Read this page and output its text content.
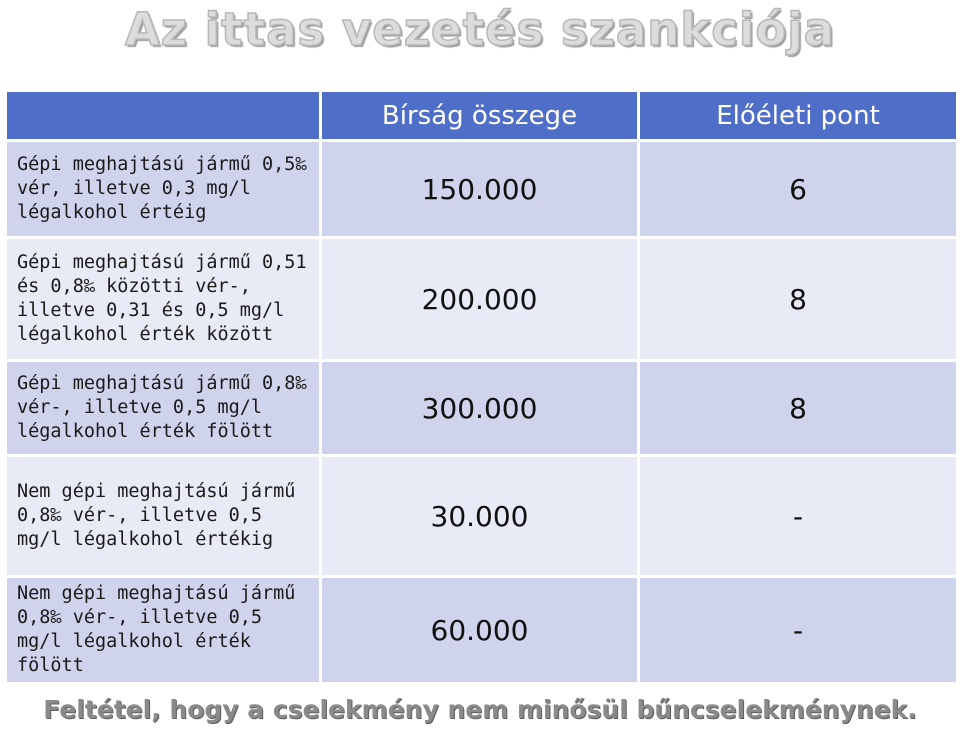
Az ittas vezetés szankciója
	Bírság összege	Előéleti pont
Gépi meghajtású jármű 0,5‰ vér, illetve 0,3 mg/l légalkohol értéig	150.000	6
Gépi meghajtású jármű 0,51 és 0,8‰ közötti vér-, illetve 0,31 és 0,5 mg/l légalkohol érték között	200.000	8
Gépi meghajtású jármű 0,8‰ vér-, illetve 0,5 mg/l légalkohol érték fölött	300.000	8
Nem gépi meghajtású jármű 0,8‰ vér-, illetve 0,5 mg/l légalkohol értékig	30.000	-
Nem gépi meghajtású jármű 0,8‰ vér-, illetve 0,5 mg/l légalkohol érték fölött	60.000	-
Feltétel, hogy a cselekmény nem minősül bűncselekménynek.
